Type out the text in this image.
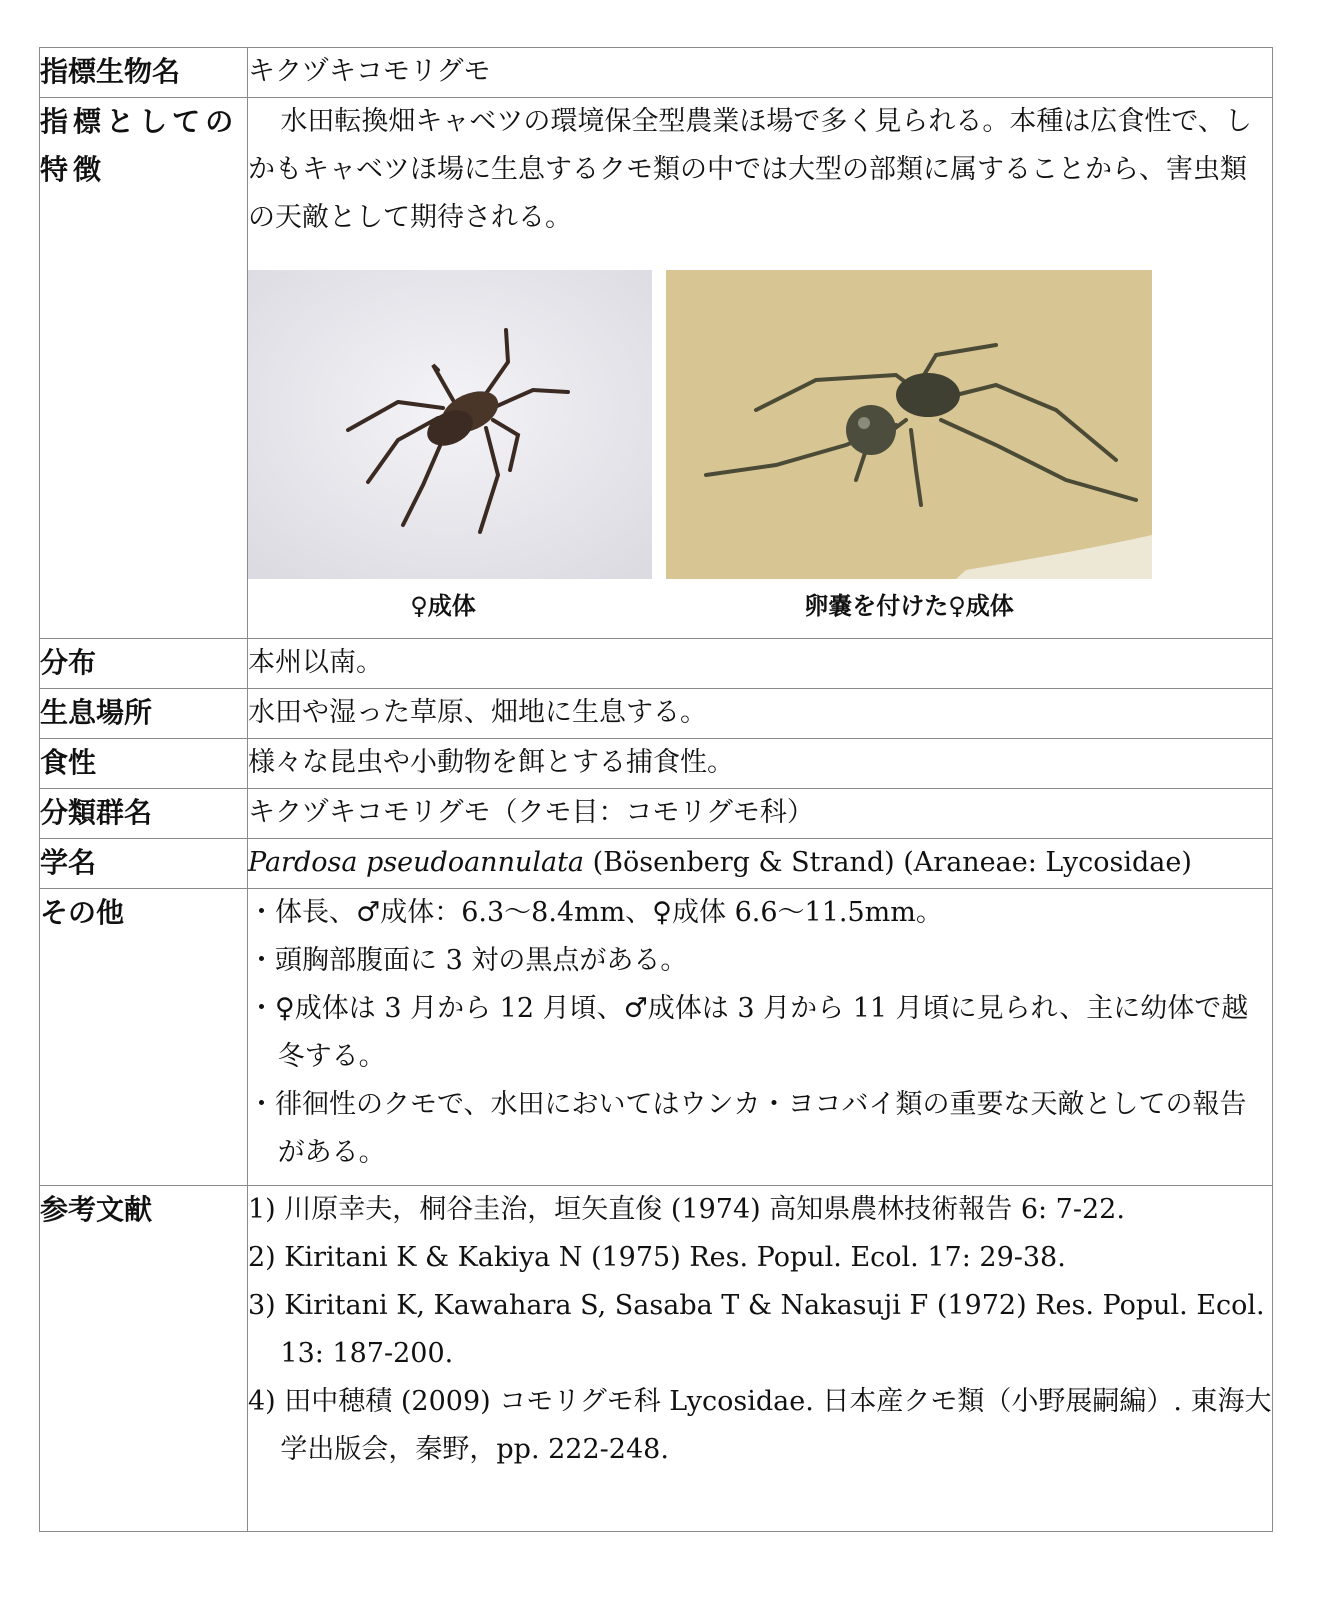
指標生物名	キクヅキコモリグモ
指標としての特徴	水田転換畑キャベツの環境保全型農業ほ場で多く見られる。本種は広食性で、しかもキャベツほ場に生息するクモ類の中では大型の部類に属することから、害虫類の天敵として期待される。
♀成体 卵嚢を付けた♀成体

分布	本州以南。
生息場所	水田や湿った草原、畑地に生息する。
食性	様々な昆虫や小動物を餌とする捕食性。
分類群名	キクヅキコモリグモ（クモ目：コモリグモ科）
学名	Pardosa pseudoannulata (Bösenberg & Strand) (Araneae: Lycosidae)
その他	・体長、♂成体：6.3～8.4mm、♀成体 6.6～11.5mm。
・頭胸部腹面に 3 対の黒点がある。
・♀成体は 3 月から 12 月頃、♂成体は 3 月から 11 月頃に見られ、主に幼体で越冬する。
・徘徊性のクモで、水田においてはウンカ・ヨコバイ類の重要な天敵としての報告がある。

参考文献	1) 川原幸夫，桐谷圭治，垣矢直俊 (1974) 高知県農林技術報告 6: 7-22.
2) Kiritani K & Kakiya N (1975) Res. Popul. Ecol. 17: 29-38.
3) Kiritani K, Kawahara S, Sasaba T & Nakasuji F (1972) Res. Popul. Ecol. 13: 187-200.
4) 田中穂積 (2009) コモリグモ科 Lycosidae. 日本産クモ類（小野展嗣編）. 東海大学出版会，秦野，pp. 222-248.
